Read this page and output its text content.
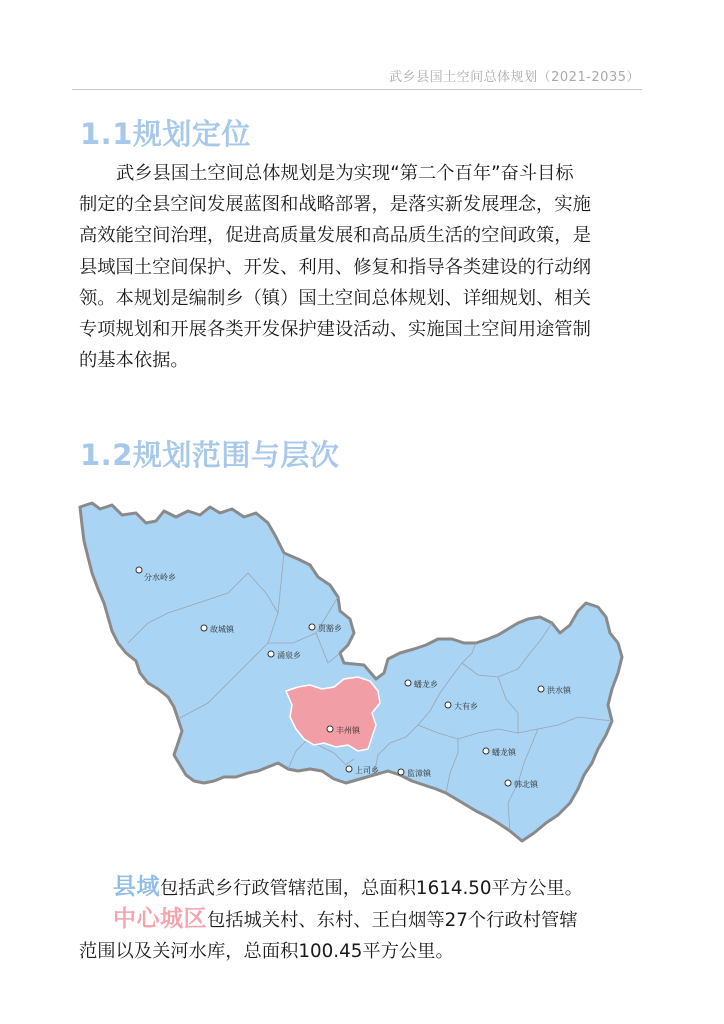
武乡县国土空间总体规划（2021-2035）
1.1规划定位

武乡县国土空间总体规划是为实现“第二个百年”奋斗目标
制定的全县空间发展蓝图和战略部署，是落实新发展理念，实施
高效能空间治理，促进高质量发展和高品质生活的空间政策，是
县域国土空间保护、开发、利用、修复和指导各类建设的行动纲
领。本规划是编制乡（镇）国土空间总体规划、详细规划、相关
专项规划和开展各类开发保护建设活动、实施国土空间用途管制
的基本依据。

1.2规划范围与层次
分水岭乡
故城镇	贾豁乡
涌泉乡
丰州镇
蟠龙乡
大有乡
洪水镇
上司乡	监漳镇
蟠龙镇
韩北镇

县域包括武乡行政管辖范围，总面积1614.50平方公里。
中心城区包括城关村、东村、王白烟等27个行政村管辖
范围以及关河水库，总面积100.45平方公里。
